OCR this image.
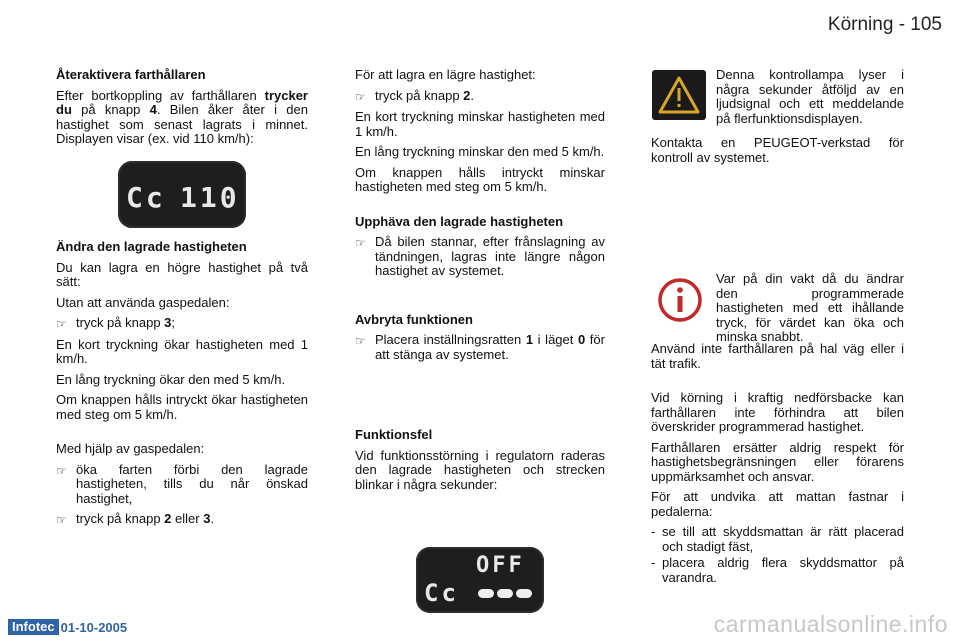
Körning - 105
Återaktivera farthållaren

Efter bortkoppling av farthållaren trycker du på knapp 4. Bilen åker åter i den hastighet som senast lagrats i minnet. Displayen visar (ex. vid 110 km/h):

Cc 110
Ändra den lagrade hastigheten

Du kan lagra en högre hastighet på två sätt:

Utan att använda gaspedalen:

☞ tryck på knapp 3;

En kort tryckning ökar hastigheten med 1 km/h.

En lång tryckning ökar den med 5 km/h.

Om knappen hålls intryckt ökar hastigheten med steg om 5 km/h.

Med hjälp av gaspedalen:

☞ öka farten förbi den lagrade hastigheten, tills du når önskad hastighet,
☞ tryck på knapp 2 eller 3.

För att lagra en lägre hastighet:

☞ tryck på knapp 2.

En kort tryckning minskar hastigheten med 1 km/h.

En lång tryckning minskar den med 5 km/h.

Om knappen hålls intryckt minskar hastigheten med steg om 5 km/h.

Upphäva den lagrade hastigheten
☞ Då bilen stannar, efter frånslagning av tändningen, lagras inte längre någon hastighet av systemet.
Avbryta funktionen
☞ Placera inställningsratten 1 i läget 0 för att stänga av systemet.
Funktionsfel

Vid funktionsstörning i regulatorn raderas den lagrade hastigheten och strecken blinkar i några sekunder:

OFF
Cc

Denna kontrollampa lyser i några sekunder åtföljd av en ljudsignal och ett meddelande på flerfunktionsdisplayen.

Kontakta en PEUGEOT-verkstad för kontroll av systemet.

Var på din vakt då du ändrar den programmerade hastigheten med ett ihållande tryck, för värdet kan öka och minska snabbt.

Använd inte farthållaren på hal väg eller i tät trafik.

Vid körning i kraftig nedförsbacke kan farthållaren inte förhindra att bilen överskrider programmerad hastighet.

Farthållaren ersätter aldrig respekt för hastighetsbegränsningen eller förarens uppmärksamhet och ansvar.

För att undvika att mattan fastnar i pedalerna:

- se till att skyddsmattan är rätt placerad och stadigt fäst,
- placera aldrig flera skyddsmattor på varandra.
Infotec 01-10-2005	carmanualsonline.info
